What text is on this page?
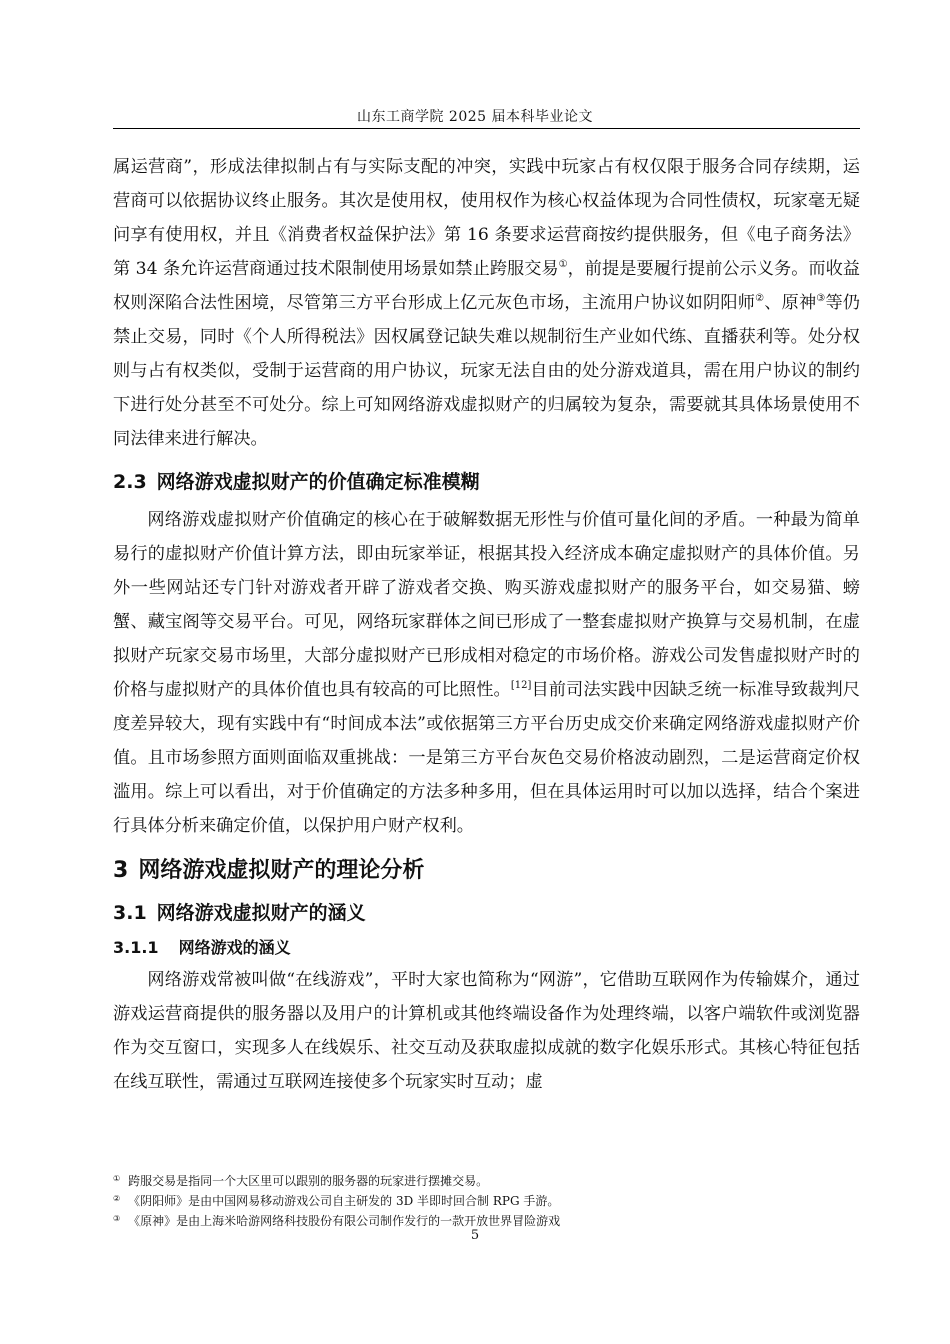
山东工商学院 2025 届本科毕业论文

属运营商”，形成法律拟制占有与实际支配的冲突，实践中玩家占有权仅限于服务合同存续期，运营商可以依据协议终止服务。其次是使用权，使用权作为核心权益体现为合同性债权，玩家毫无疑问享有使用权，并且《消费者权益保护法》第 16 条要求运营商按约提供服务，但《电子商务法》第 34 条允许运营商通过技术限制使用场景如禁止跨服交易①，前提是要履行提前公示义务。而收益权则深陷合法性困境，尽管第三方平台形成上亿元灰色市场，主流用户协议如阴阳师②、原神③等仍禁止交易，同时《个人所得税法》因权属登记缺失难以规制衍生产业如代练、直播获利等。处分权则与占有权类似，受制于运营商的用户协议，玩家无法自由的处分游戏道具，需在用户协议的制约下进行处分甚至不可处分。综上可知网络游戏虚拟财产的归属较为复杂，需要就其具体场景使用不同法律来进行解决。

2.3 网络游戏虚拟财产的价值确定标准模糊

网络游戏虚拟财产价值确定的核心在于破解数据无形性与价值可量化间的矛盾。一种最为简单易行的虚拟财产价值计算方法，即由玩家举证，根据其投入经济成本确定虚拟财产的具体价值。另外一些网站还专门针对游戏者开辟了游戏者交换、购买游戏虚拟财产的服务平台，如交易猫、螃蟹、藏宝阁等交易平台。可见，网络玩家群体之间已形成了一整套虚拟财产换算与交易机制，在虚拟财产玩家交易市场里，大部分虚拟财产已形成相对稳定的市场价格。游戏公司发售虚拟财产时的价格与虚拟财产的具体价值也具有较高的可比照性。[12]目前司法实践中因缺乏统一标准导致裁判尺度差异较大，现有实践中有“时间成本法”或依据第三方平台历史成交价来确定网络游戏虚拟财产价值。且市场参照方面则面临双重挑战：一是第三方平台灰色交易价格波动剧烈，二是运营商定价权滥用。综上可以看出，对于价值确定的方法多种多用，但在具体运用时可以加以选择，结合个案进行具体分析来确定价值，以保护用户财产权利。

3 网络游戏虚拟财产的理论分析
3.1 网络游戏虚拟财产的涵义
3.1.1 网络游戏的涵义

网络游戏常被叫做“在线游戏”，平时大家也简称为“网游”，它借助互联网作为传输媒介，通过游戏运营商提供的服务器以及用户的计算机或其他终端设备作为处理终端，以客户端软件或浏览器作为交互窗口，实现多人在线娱乐、社交互动及获取虚拟成就的数字化娱乐形式。其核心特征包括在线互联性，需通过互联网连接使多个玩家实时互动；虚

① 跨服交易是指同一个大区里可以跟别的服务器的玩家进行摆摊交易。

② 《阴阳师》是由中国网易移动游戏公司自主研发的 3D 半即时回合制 RPG 手游。

③ 《原神》是由上海米哈游网络科技股份有限公司制作发行的一款开放世界冒险游戏

5
